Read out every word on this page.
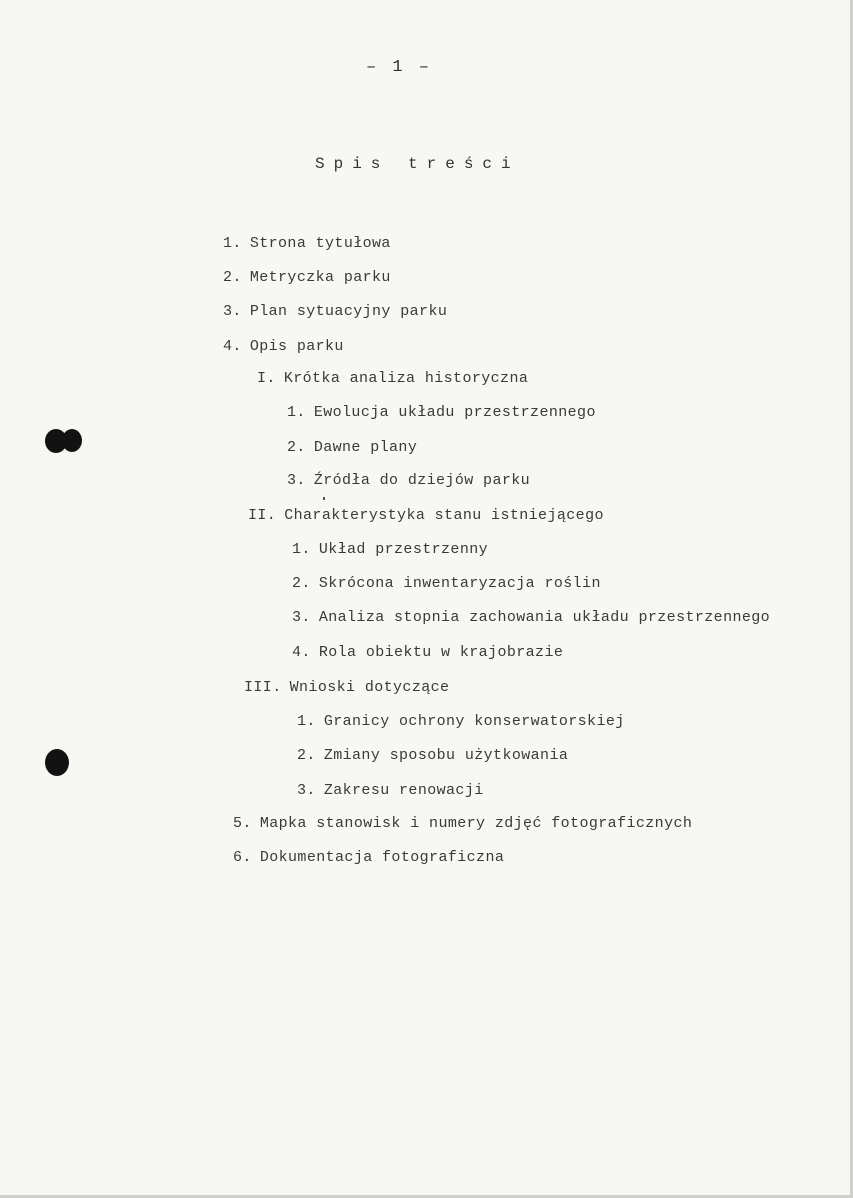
– 1 –
Spis treści
1. Strona tytułowa
2. Metryczka parku
3. Plan sytuacyjny parku
4. Opis parku
I. Krótka analiza historyczna
1. Ewolucja układu przestrzennego
2. Dawne plany
3. Źródła do dziejów parku
II. Charakterystyka stanu istniejącego
1. Układ przestrzenny
2. Skrócona inwentaryzacja roślin
3. Analiza stopnia zachowania układu przestrzennego
4. Rola obiektu w krajobrazie
III. Wnioski dotyczące
1. Granicy ochrony konserwatorskiej
2. Zmiany sposobu użytkowania
3. Zakresu renowacji
5. Mapka stanowisk i numery zdjęć fotograficznych
6. Dokumentacja fotograficzna
